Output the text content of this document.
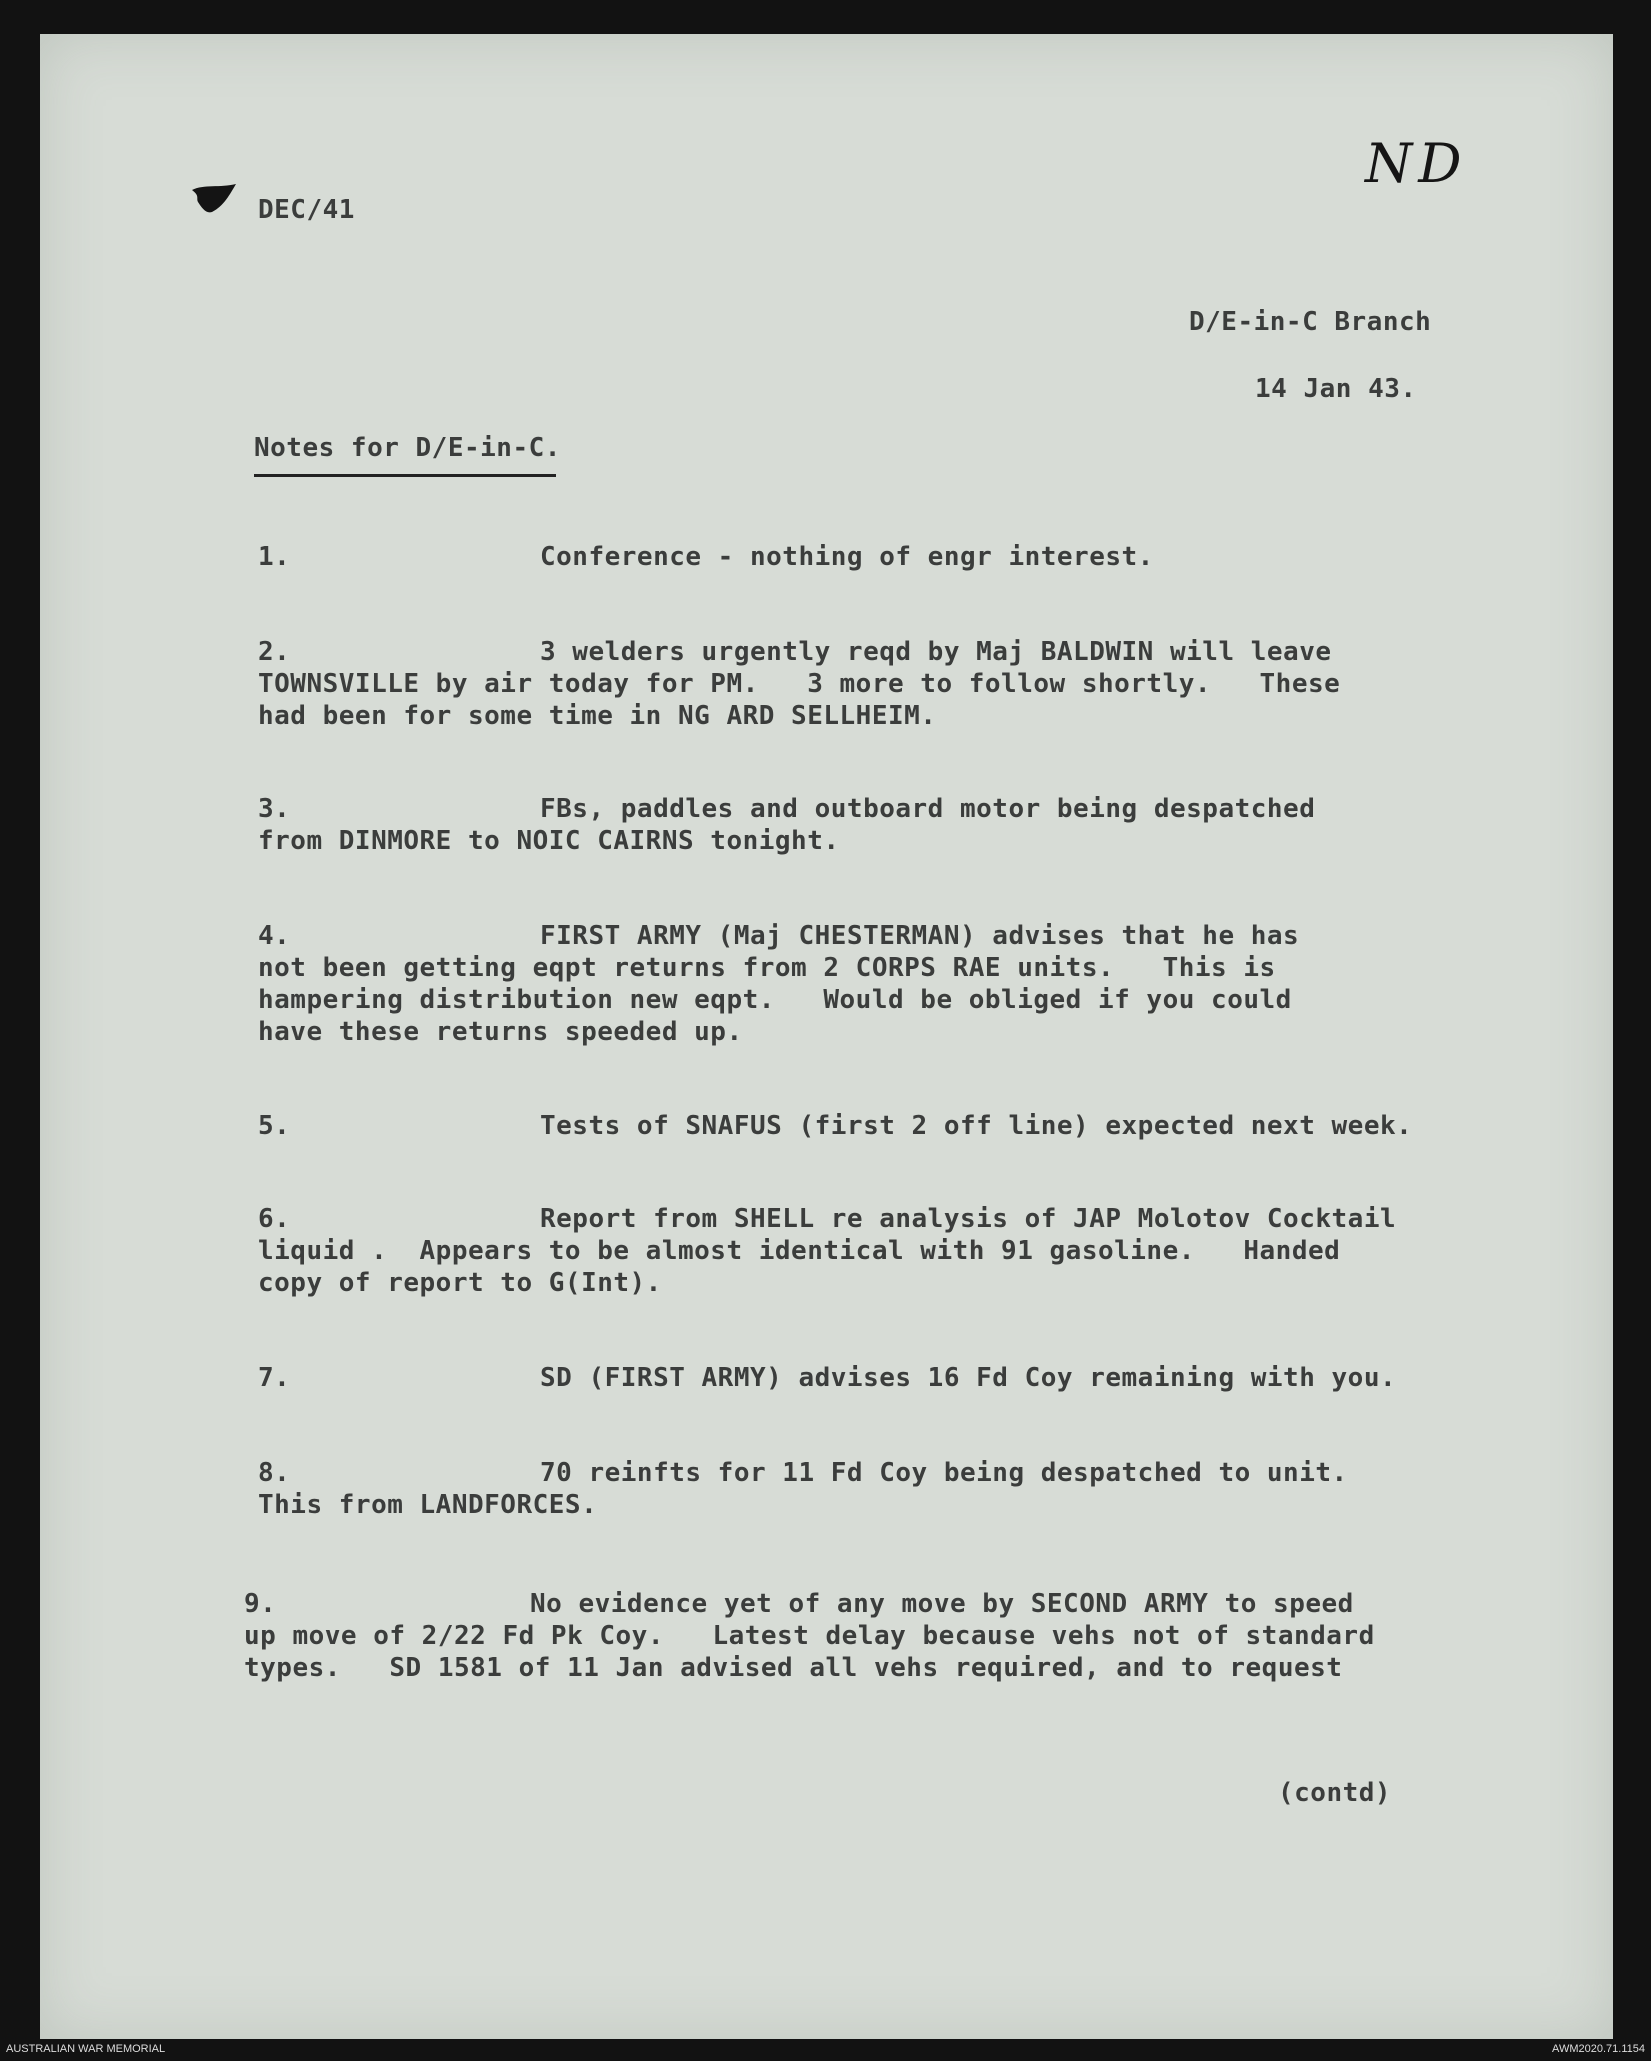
DEC/41
ND
D/E-in-C Branch
14 Jan 43.
Notes for D/E-in-C.
1.	Conference - nothing of engr interest.
2.	3 welders urgently reqd by Maj BALDWIN will leave
TOWNSVILLE by air today for PM.   3 more to follow shortly.   These
had been for some time in NG ARD SELLHEIM.
3.	FBs, paddles and outboard motor being despatched
from DINMORE to NOIC CAIRNS tonight.
4.	FIRST ARMY (Maj CHESTERMAN) advises that he has
not been getting eqpt returns from 2 CORPS RAE units.   This is
hampering distribution new eqpt.   Would be obliged if you could
have these returns speeded up.
5.	Tests of SNAFUS (first 2 off line) expected next week.
6.	Report from SHELL re analysis of JAP Molotov Cocktail
liquid .  Appears to be almost identical with 91 gasoline.   Handed
copy of report to G(Int).
7.	SD (FIRST ARMY) advises 16 Fd Coy remaining with you.
8.	70 reinfts for 11 Fd Coy being despatched to unit.
This from LANDFORCES.
9.	No evidence yet of any move by SECOND ARMY to speed
up move of 2/22 Fd Pk Coy.   Latest delay because vehs not of standard
types.   SD 1581 of 11 Jan advised all vehs required, and to request
(contd)
AUSTRALIAN WAR MEMORIAL	AWM2020.71.1154
